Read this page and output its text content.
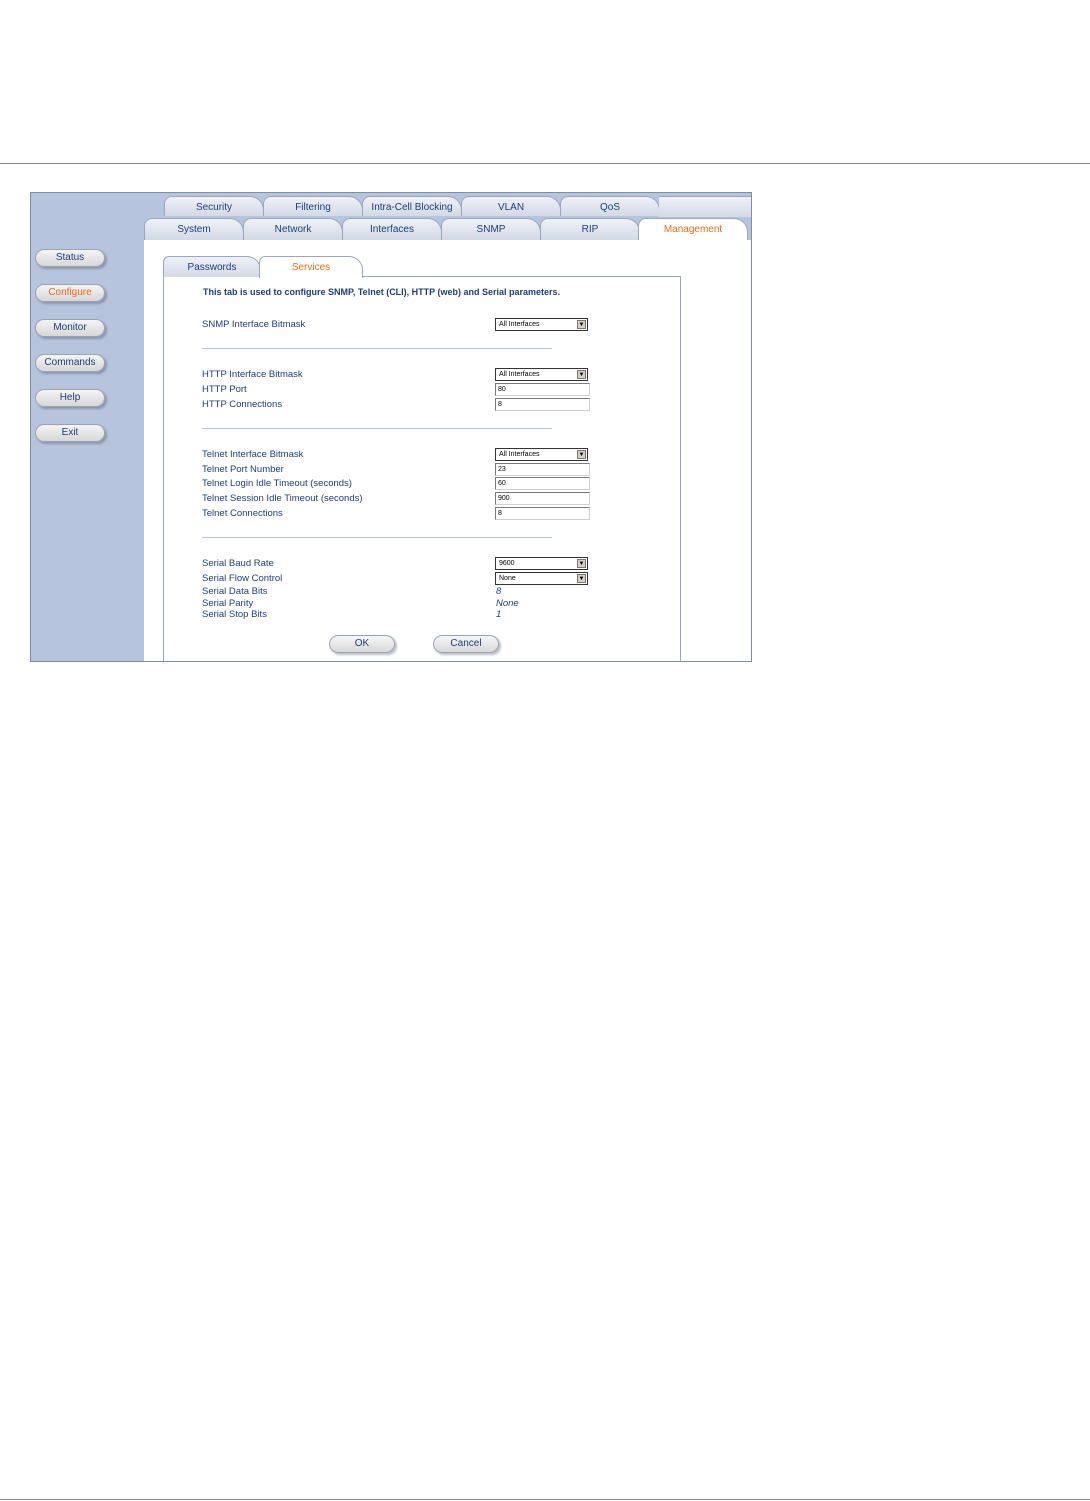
Status
Configure
Monitor
Commands
Help
Exit
Security	Filtering	Intra-Cell Blocking	VLAN	QoS
System	Network	Interfaces	SNMP	RIP	Management
Passwords	Services
This tab is used to configure SNMP, Telnet (CLI), HTTP (web) and Serial parameters.
SNMP Interface Bitmask	All Interfaces	▼
HTTP Interface Bitmask	All Interfaces	▼
HTTP Port	80
HTTP Connections	8
Telnet Interface Bitmask	All Interfaces	▼
Telnet Port Number	23
Telnet Login Idle Timeout (seconds)	60
Telnet Session Idle Timeout (seconds)	900
Telnet Connections	8
Serial Baud Rate	9600	▼
Serial Flow Control	None	▼
Serial Data Bits	8
Serial Parity	None
Serial Stop Bits	1
OK	Cancel
